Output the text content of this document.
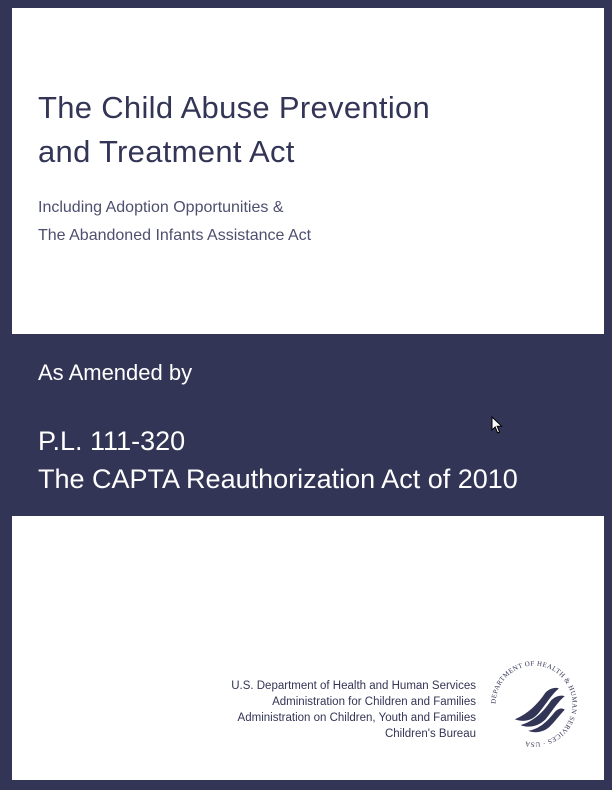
The Child Abuse Prevention
and Treatment Act
Including Adoption Opportunities &
The Abandoned Infants Assistance Act
As Amended by
P.L. 111-320
The CAPTA Reauthorization Act of 2010
U.S. Department of Health and Human Services
Administration for Children and Families
Administration on Children, Youth and Families
Children's Bureau
DEPARTMENT OF HEALTH & HUMAN SERVICES · USA
